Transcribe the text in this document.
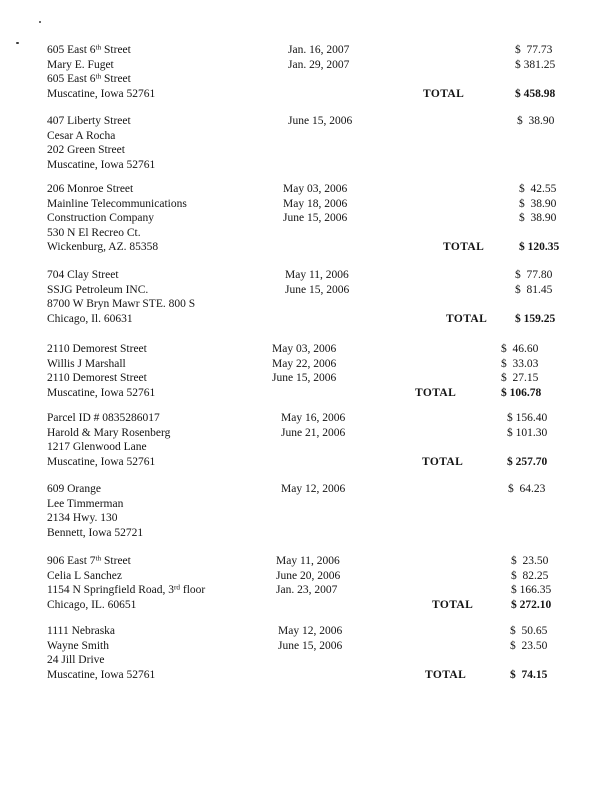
605 East 6th Street	Jan. 16, 2007	$  77.73
Mary E. Fuget	Jan. 29, 2007	$ 381.25
605 East 6th Street
Muscatine, Iowa 52761	TOTAL	$ 458.98
407 Liberty Street	June 15, 2006	$  38.90
Cesar A Rocha
202 Green Street
Muscatine, Iowa 52761
206 Monroe Street	May 03, 2006	$  42.55
Mainline Telecommunications	May 18, 2006	$  38.90
Construction Company	June 15, 2006	$  38.90
530 N El Recreo Ct.
Wickenburg, AZ. 85358	TOTAL	$ 120.35
704 Clay Street	May 11, 2006	$  77.80
SSJG Petroleum INC.	June 15, 2006	$  81.45
8700 W Bryn Mawr STE. 800 S
Chicago, Il. 60631	TOTAL $ 159.25
2110 Demorest Street	May 03, 2006	$  46.60
Willis J Marshall	May 22, 2006	$  33.03
2110 Demorest Street	June 15, 2006	$  27.15
Muscatine, Iowa 52761	TOTAL	$ 106.78
Parcel ID # 0835286017	May 16, 2006	$ 156.40
Harold & Mary Rosenberg	June 21, 2006	$ 101.30
1217 Glenwood Lane
Muscatine, Iowa 52761	TOTAL	$ 257.70
609 Orange	May 12, 2006	$  64.23
Lee Timmerman
2134 Hwy. 130
Bennett, Iowa 52721
906 East 7th Street	May 11, 2006	$  23.50
Celia L Sanchez	June 20, 2006	$  82.25
1154 N Springfield Road, 3rd floor	Jan. 23, 2007	$ 166.35
Chicago, IL. 60651	TOTAL	$ 272.10
1111 Nebraska	May 12, 2006	$  50.65
Wayne Smith	June 15, 2006	$  23.50
24 Jill Drive
Muscatine, Iowa 52761	TOTAL	$  74.15
